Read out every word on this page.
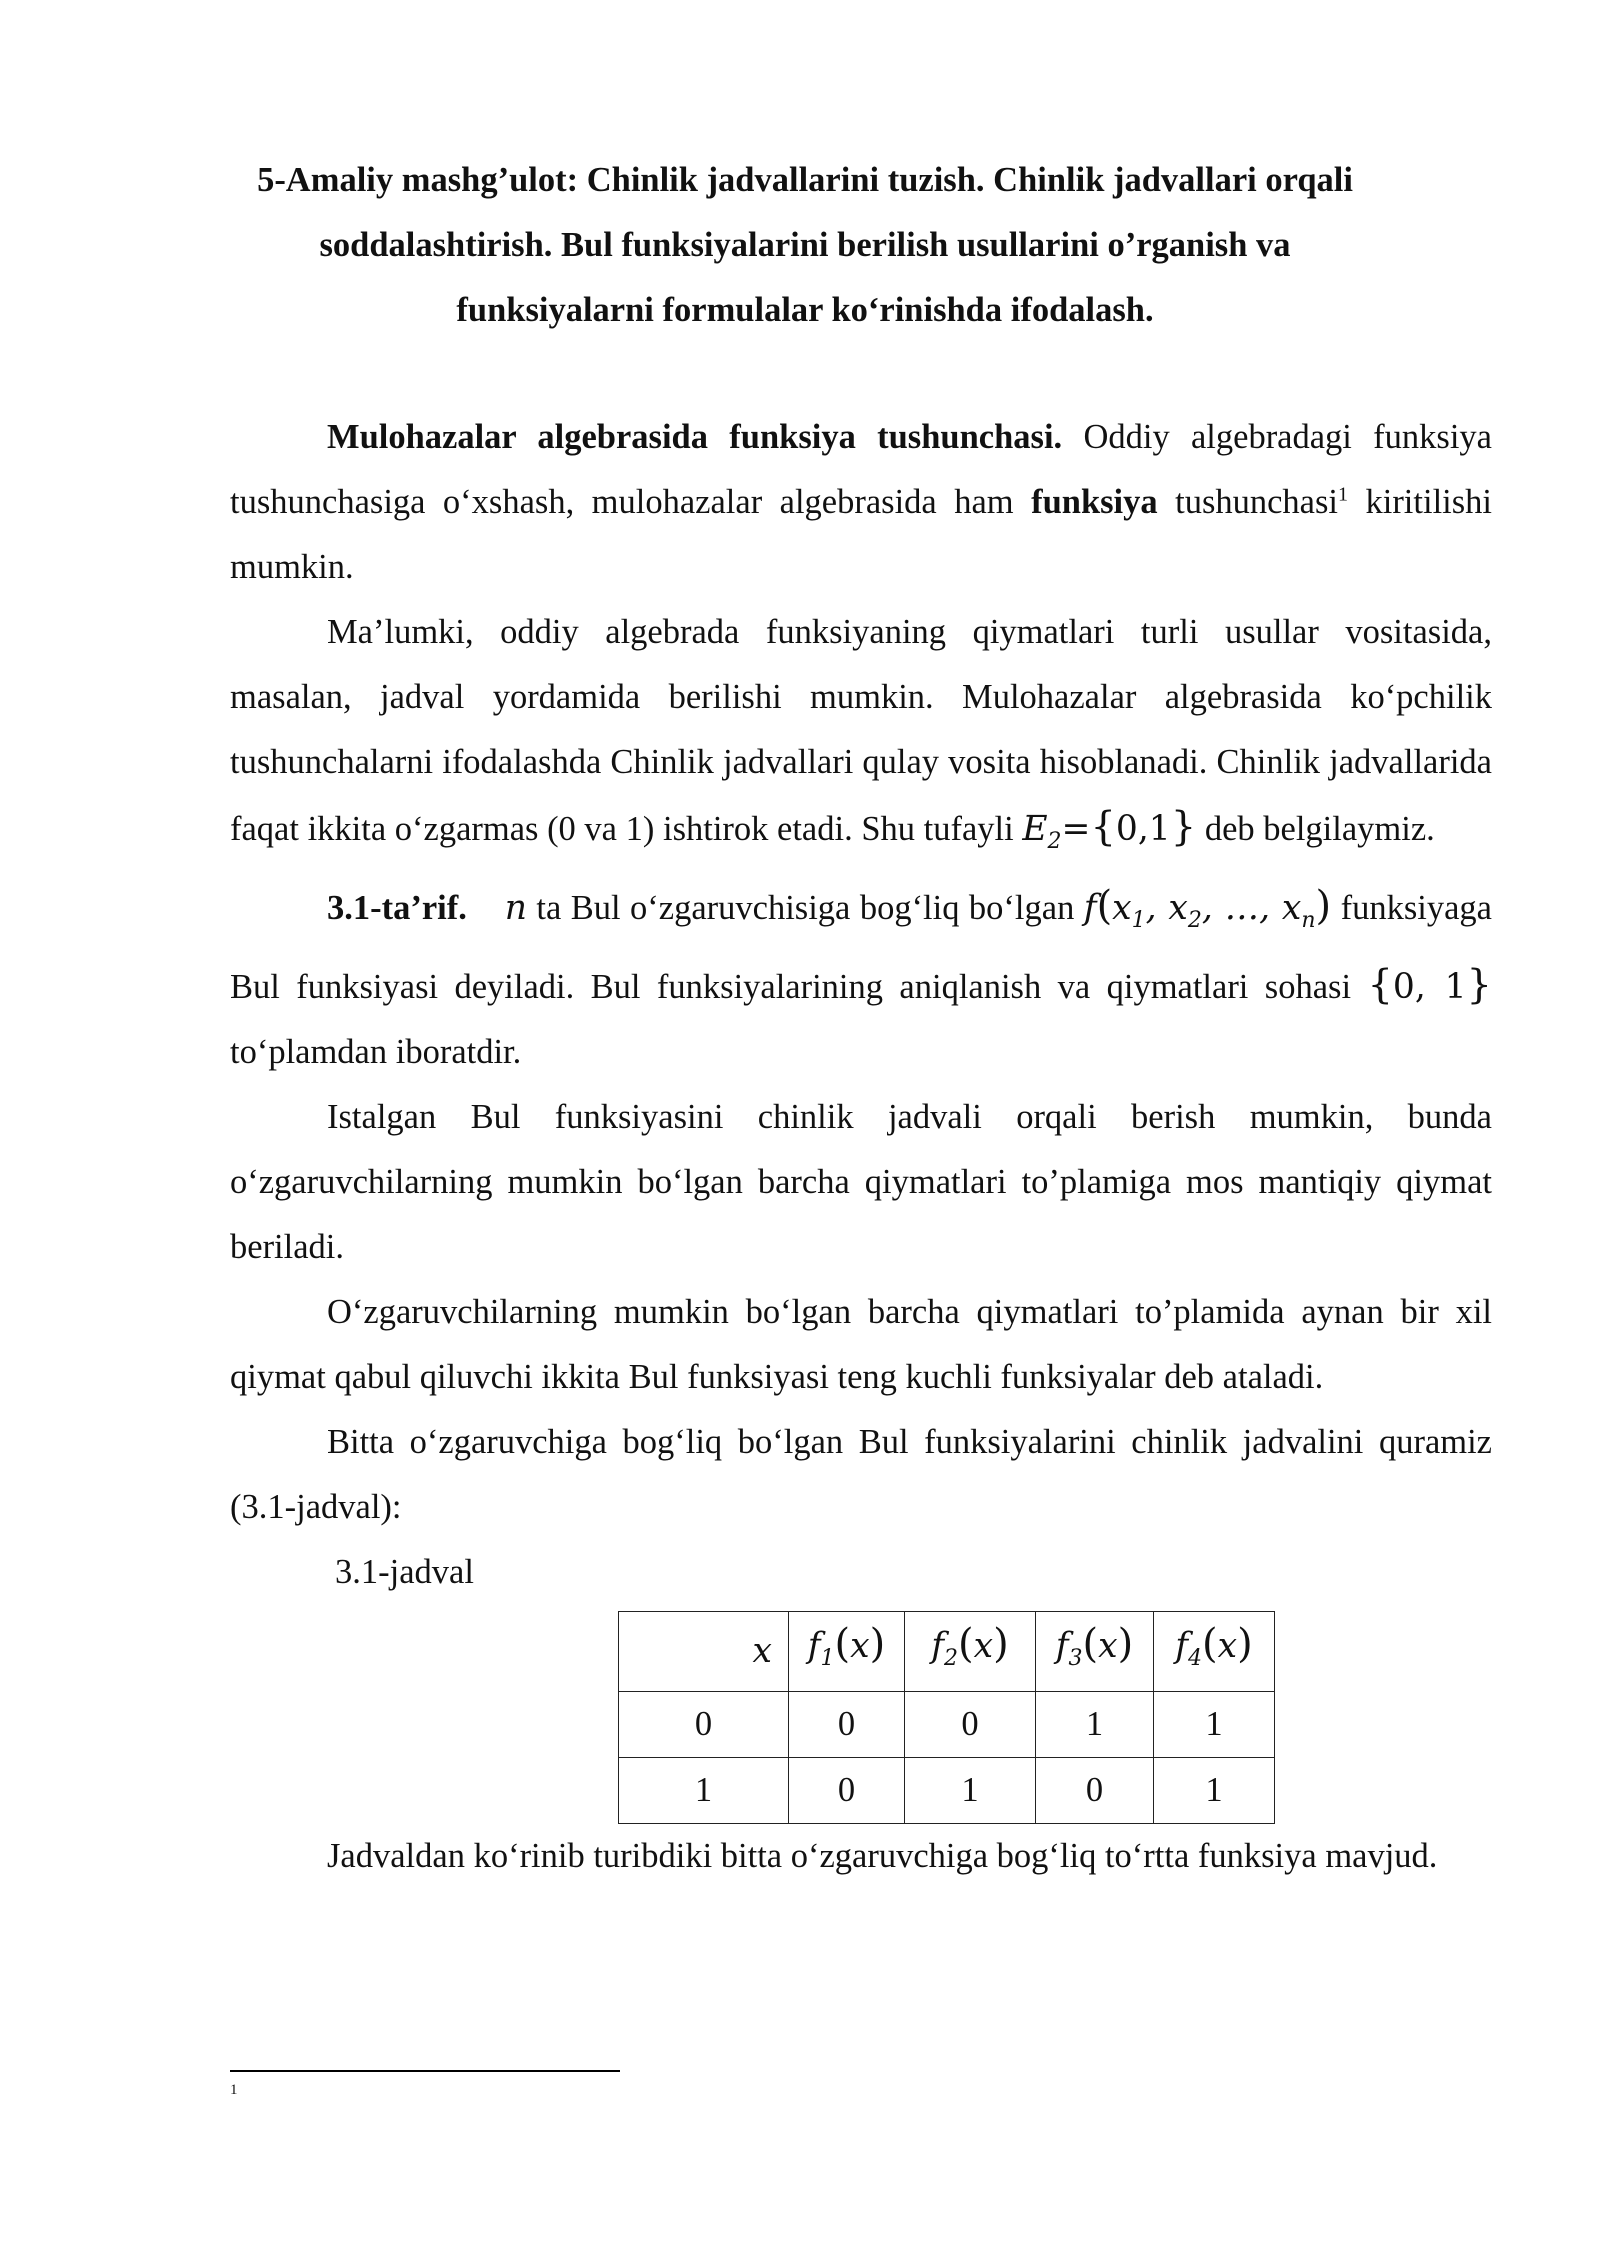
5-Amaliy mashg’ulot: Chinlik jadvallarini tuzish. Chinlik jadvallari orqali
soddalashtirish. Bul funksiyalarini berilish usullarini o’rganish va
funksiyalarni formulalar ko‘rinishda ifodalash.

Mulohazalar algebrasida funksiya tushunchasi. Oddiy algebradagi funksiya tushunchasiga o‘xshash, mulohazalar algebrasida ham funksiya tushunchasi$^1$ kiritilishi mumkin.

Ma’lumki, oddiy algebrada funksiyaning qiymatlari turli usullar vositasida, masalan, jadval yordamida berilishi mumkin. Mulohazalar algebrasida ko‘pchilik tushunchalarni ifodalashda Chinlik jadvallari qulay vosita hisoblanadi. Chinlik jadvallarida faqat ikkita o‘zgarmas (0 va 1) ishtirok etadi. Shu tufayli $E_2=\{0,1\}$ deb belgilaymiz.

3.1-ta’rif. n ta Bul o‘zgaruvchisiga bog‘liq bo‘lgan $f(x_1$, $x_2$, …, $x_n$) funksiyaga Bul funksiyasi deyiladi. Bul funksiyalarining aniqlanish va qiymatlari sohasi {0, 1} to‘plamdan iboratdir.

Istalgan Bul funksiyasini chinlik jadvali orqali berish mumkin, bunda o‘zgaruvchilarning mumkin bo‘lgan barcha qiymatlari to’plamiga mos mantiqiy qiymat beriladi.

O‘zgaruvchilarning mumkin bo‘lgan barcha qiymatlari to’plamida aynan bir xil qiymat qabul qiluvchi ikkita Bul funksiyasi teng kuchli funksiyalar deb ataladi.

Bitta o‘zgaruvchiga bog‘liq bo‘lgan Bul funksiyalarini chinlik jadvalini quramiz (3.1-jadval):

3.1-jadval

x	$f_1(x)$	$f_2(x)$	$f_3(x)$	$f_4(x)$
0	0	0	1	1
1	0	1	0	1

Jadvaldan ko‘rinib turibdiki bitta o‘zgaruvchiga bog‘liq to‘rtta funksiya mavjud.

1
